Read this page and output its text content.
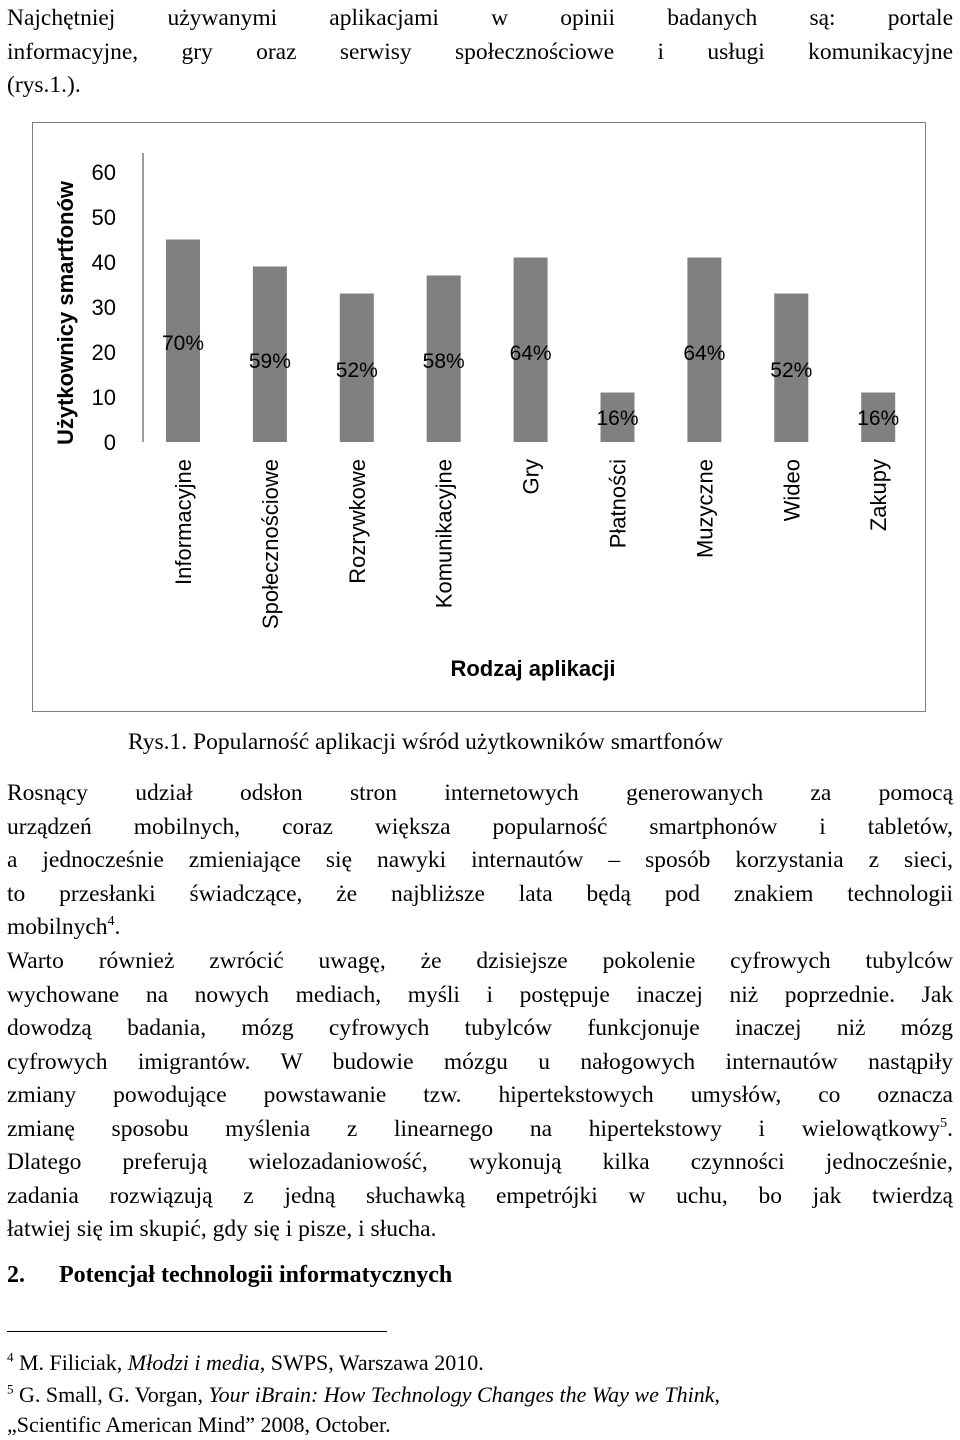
Najchętniej używanymi aplikacjami w opinii badanych są: portale
informacyjne, gry oraz serwisy społecznościowe i usługi komunikacyjne
(rys.1.).
0
10
20
30
40
50
60
70%
59% 52% 58% 64%
16%
64%
52%
16%
Informacyjne	Społecznościowe	Rozrywkowe	Komunikacyjne	Gry	Płatności	Muzyczne	Wideo	Zakupy
Użytkownicy smartfonów
Rodzaj aplikacji

Rys.1. Popularność aplikacji wśród użytkowników smartfonów

Rosnący udział odsłon stron internetowych generowanych za pomocą
urządzeń mobilnych, coraz większa popularność smartphonów i tabletów,
a jednocześnie zmieniające się nawyki internautów – sposób korzystania z sieci,
to przesłanki świadczące, że najbliższe lata będą pod znakiem technologii
mobilnych$^4$.
Warto również zwrócić uwagę, że dzisiejsze pokolenie cyfrowych tubylców
wychowane na nowych mediach, myśli i postępuje inaczej niż poprzednie. Jak
dowodzą badania, mózg cyfrowych tubylców funkcjonuje inaczej niż mózg
cyfrowych imigrantów. W budowie mózgu u nałogowych internautów nastąpiły
zmiany powodujące powstawanie tzw. hipertekstowych umysłów, co oznacza
zmianę sposobu myślenia z linearnego na hipertekstowy i wielowątkowy$^5$.
Dlatego preferują wielozadaniowość, wykonują kilka czynności jednocześnie,
zadania rozwiązują z jedną słuchawką empetrójki w uchu, bo jak twierdzą
łatwiej się im skupić, gdy się i pisze, i słucha.

2. Potencjał technologii informatycznych

$^4$ M. Filiciak, Młodzi i media, SWPS, Warszawa 2010.

$^5$ G. Small, G. Vorgan, Your iBrain: How Technology Changes the Way we Think,
„Scientific American Mind” 2008, October.
